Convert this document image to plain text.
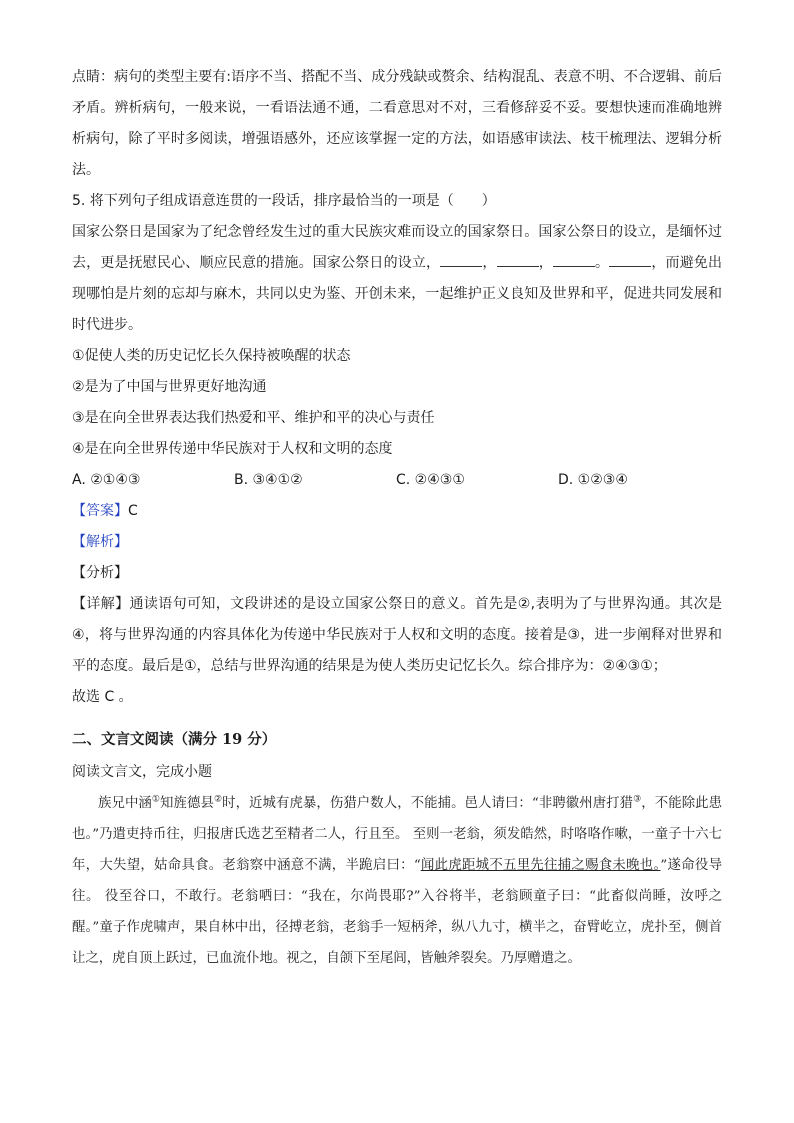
点睛：病句的类型主要有:语序不当、搭配不当、成分残缺或赘余、结构混乱、表意不明、不合逻辑、前后矛盾。辨析病句，一般来说，一看语法通不通，二看意思对不对，三看修辞妥不妥。要想快速而准确地辨析病句，除了平时多阅读，增强语感外，还应该掌握一定的方法，如语感审读法、枝干梳理法、逻辑分析法。

5. 将下列句子组成语意连贯的一段话，排序最恰当的一项是（　　）

国家公祭日是国家为了纪念曾经发生过的重大民族灾难而设立的国家祭日。国家公祭日的设立，是缅怀过去，更是抚慰民心、顺应民意的措施。国家公祭日的设立，	，	，	。	，而避免出现哪怕是片刻的忘却与麻木，共同以史为鉴、开创未来，一起维护正义良知及世界和平，促进共同发展和时代进步。

①促使人类的历史记忆长久保持被唤醒的状态

②是为了中国与世界更好地沟通

③是在向全世界表达我们热爱和平、维护和平的决心与责任

④是在向全世界传递中华民族对于人权和文明的态度

A. ②①④③	B. ③④①②	C. ②④③①	D. ①②③④

【答案】C

【解析】

【分析】

【详解】通读语句可知，文段讲述的是设立国家公祭日的意义。首先是②,表明为了与世界沟通。其次是④，将与世界沟通的内容具体化为传递中华民族对于人权和文明的态度。接着是③，进一步阐释对世界和平的态度。最后是①，总结与世界沟通的结果是为使人类历史记忆长久。综合排序为：②④③①；

故选 C 。

二、文言文阅读（满分 19 分）

阅读文言文，完成小题

族兄中涵①知旌德县②时，近城有虎暴，伤猎户数人，不能捕。邑人请曰：“非聘徽州唐打猎③，不能除此患也。”乃遣吏持币往，归报唐氏选艺至精者二人，行且至。 至则一老翁，须发皓然，时咯咯作嗽，一童子十六七年，大失望，姑命具食。老翁察中涵意不满，半跪启曰：“闻此虎距城不五里先往捕之赐食未晚也。”遂命役导往。 役至谷口，不敢行。老翁哂曰：“我在，尔尚畏耶?”入谷将半，老翁顾童子曰：“此畜似尚睡，汝呼之醒。”童子作虎啸声，果自林中出，径搏老翁，老翁手一短柄斧，纵八九寸，横半之，奋臂屹立，虎扑至，侧首让之，虎自顶上跃过，已血流仆地。视之，自颌下至尾闾，皆触斧裂矣。乃厚赠遣之。
